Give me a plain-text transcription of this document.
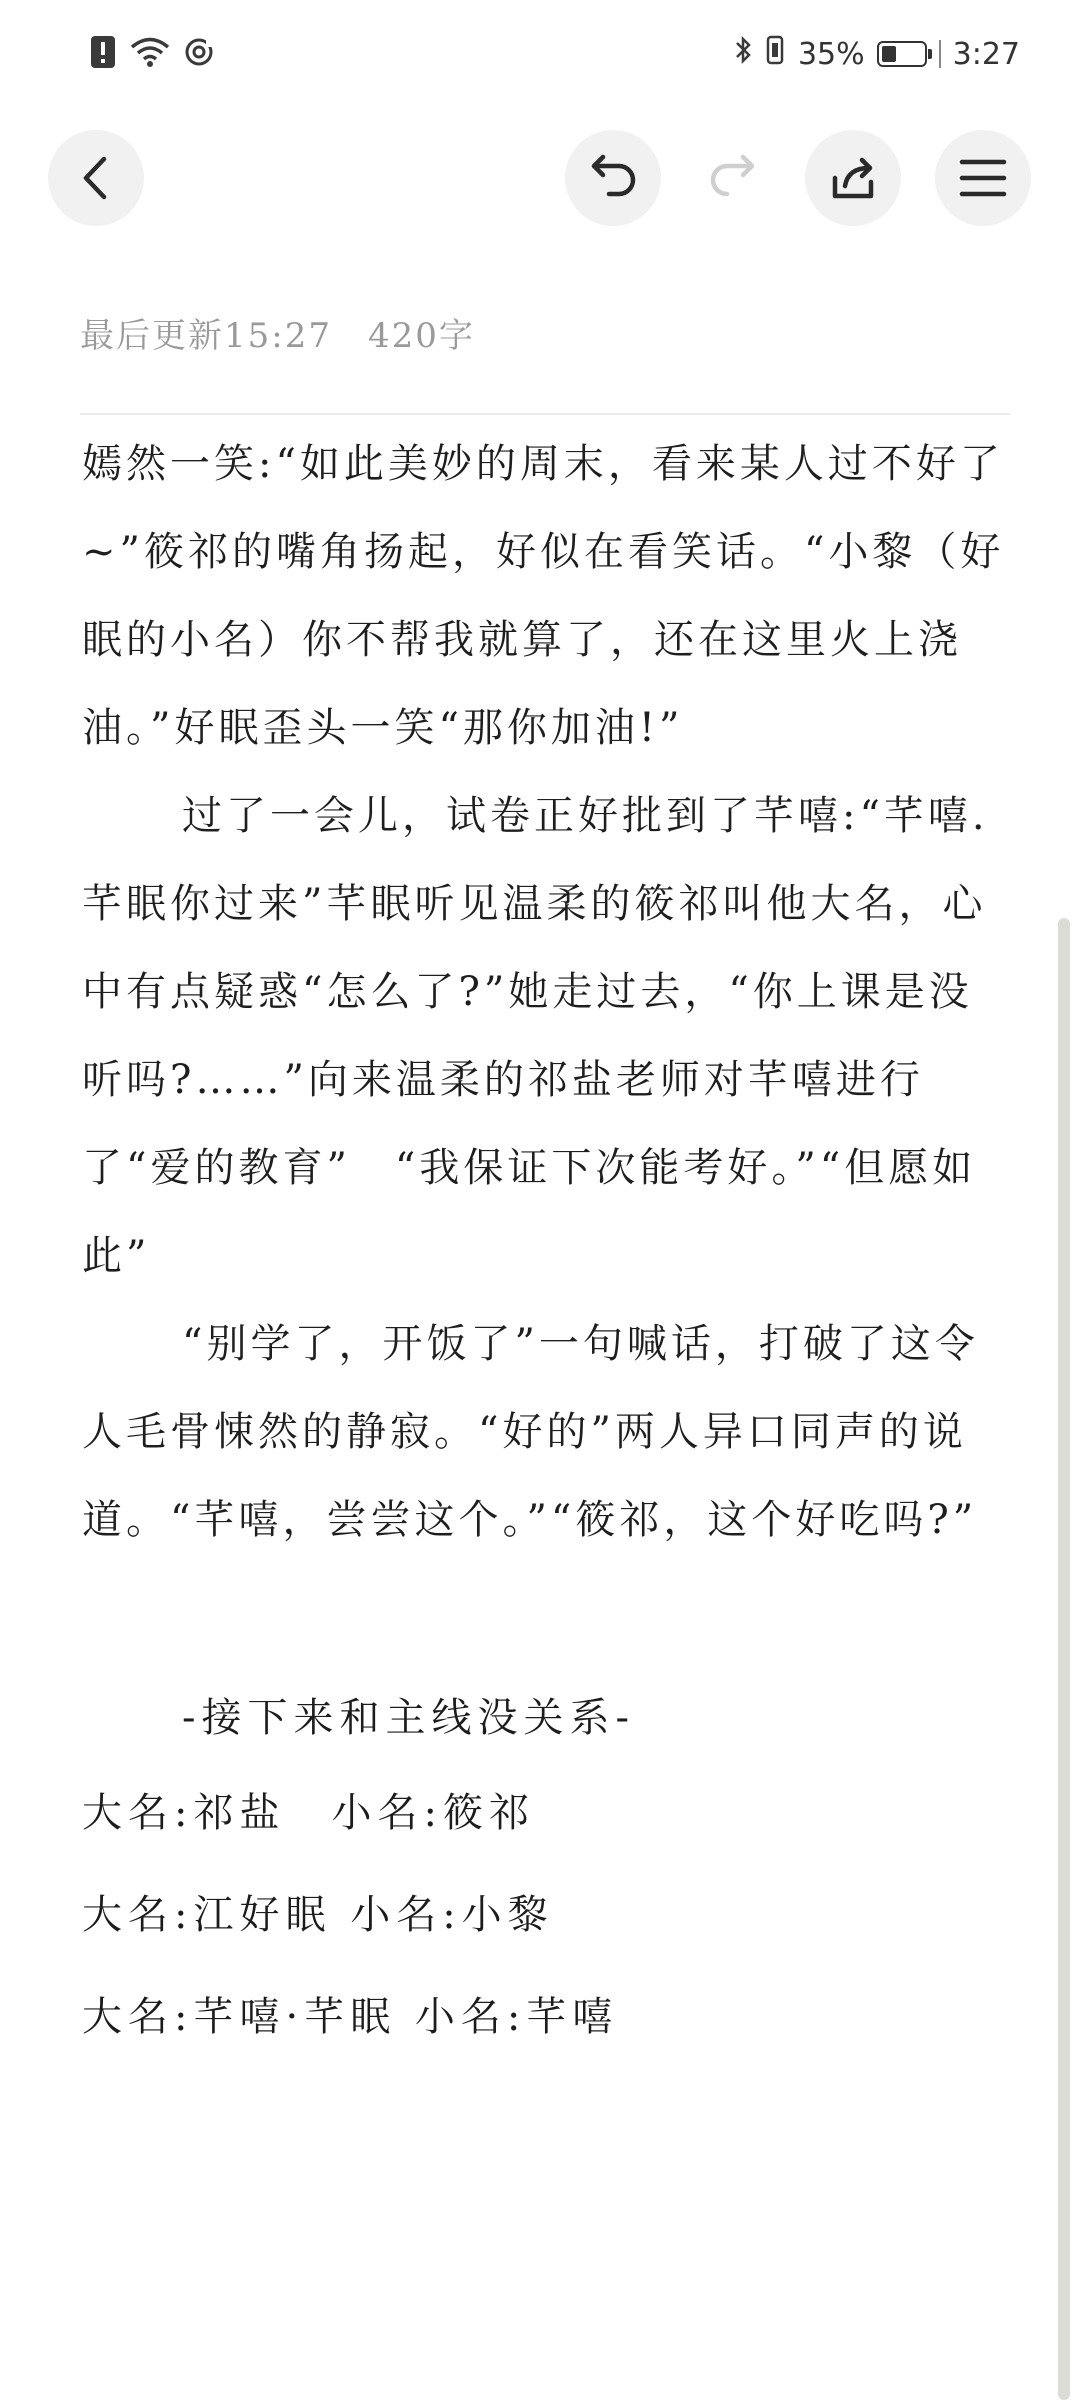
35%	3:27
最后更新15:27 420字

嫣然一笑:“如此美妙的周末，看来某人过不好了~”筱祁的嘴角扬起，好似在看笑话。“小黎（好眠的小名）你不帮我就算了，还在这里火上浇油。”好眠歪头一笑“那你加油!”

过了一会儿，试卷正好批到了芊嘻:“芊嘻.芊眠你过来”芊眠听见温柔的筱祁叫他大名，心中有点疑惑“怎么了?”她走过去，“你上课是没听吗?……”向来温柔的祁盐老师对芊嘻进行了“爱的教育”　“我保证下次能考好。”“但愿如此”

“别学了，开饭了”一句喊话，打破了这令人毛骨悚然的静寂。“好的”两人异口同声的说道。“芊嘻，尝尝这个。”“筱祁，这个好吃吗?”

-接下来和主线没关系-

大名:祁盐　小名:筱祁

大名:江好眠 小名:小黎

大名:芊嘻·芊眠 小名:芊嘻
